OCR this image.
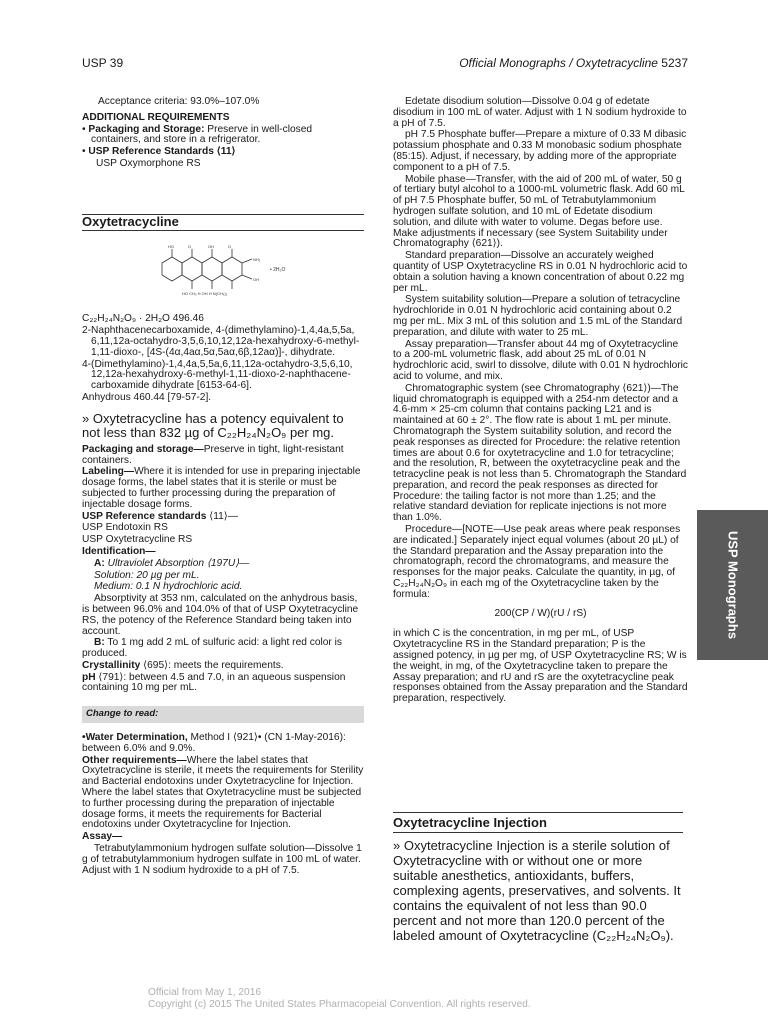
USP 39	Official Monographs / Oxytetracycline 5237

Acceptance criteria: 93.0%–107.0%

ADDITIONAL REQUIREMENTS

• Packaging and Storage: Preserve in well-closed containers, and store in a refrigerator.

• USP Reference Standards ⟨11⟩

USP Oxymorphone RS

Oxytetracycline
HO	O	OH	O
NH₂
OH
HO CH₃ H OH H N(CH₃)₂
• 2H₂O

C₂₂H₂₄N₂O₉ · 2H₂O 496.46

2-Naphthacenecarboxamide, 4-(dimethylamino)-1,4,4a,5,5a, 6,11,12a-octahydro-3,5,6,10,12,12a-hexahydroxy-6-methyl-1,11-dioxo-, [4S-(4α,4aα,5α,5aα,6β,12aα)]-, dihydrate.

4-(Dimethylamino)-1,4,4a,5,5a,6,11,12a-octahydro-3,5,6,10, 12,12a-hexahydroxy-6-methyl-1,11-dioxo-2-naphthacene-carboxamide dihydrate [6153-64-6].

Anhydrous 460.44 [79-57-2].

» Oxytetracycline has a potency equivalent to not less than 832 µg of C₂₂H₂₄N₂O₉ per mg.

Packaging and storage—Preserve in tight, light-resistant containers.

Labeling—Where it is intended for use in preparing injectable dosage forms, the label states that it is sterile or must be subjected to further processing during the preparation of injectable dosage forms.

USP Reference standards ⟨11⟩—

USP Endotoxin RS

USP Oxytetracycline RS

Identification—

A: Ultraviolet Absorption ⟨197U⟩—

Solution: 20 µg per mL.

Medium: 0.1 N hydrochloric acid.

Absorptivity at 353 nm, calculated on the anhydrous basis, is between 96.0% and 104.0% of that of USP Oxytetracycline RS, the potency of the Reference Standard being taken into account.

B: To 1 mg add 2 mL of sulfuric acid: a light red color is produced.

Crystallinity ⟨695⟩: meets the requirements.

pH ⟨791⟩: between 4.5 and 7.0, in an aqueous suspension containing 10 mg per mL.

Change to read:

•Water Determination, Method I ⟨921⟩• (CN 1-May-2016): between 6.0% and 9.0%.

Other requirements—Where the label states that Oxytetracycline is sterile, it meets the requirements for Sterility and Bacterial endotoxins under Oxytetracycline for Injection. Where the label states that Oxytetracycline must be subjected to further processing during the preparation of injectable dosage forms, it meets the requirements for Bacterial endotoxins under Oxytetracycline for Injection.

Assay—

Tetrabutylammonium hydrogen sulfate solution—Dissolve 1 g of tetrabutylammonium hydrogen sulfate in 100 mL of water. Adjust with 1 N sodium hydroxide to a pH of 7.5.

Edetate disodium solution—Dissolve 0.04 g of edetate disodium in 100 mL of water. Adjust with 1 N sodium hydroxide to a pH of 7.5.

pH 7.5 Phosphate buffer—Prepare a mixture of 0.33 M dibasic potassium phosphate and 0.33 M monobasic sodium phosphate (85:15). Adjust, if necessary, by adding more of the appropriate component to a pH of 7.5.

Mobile phase—Transfer, with the aid of 200 mL of water, 50 g of tertiary butyl alcohol to a 1000-mL volumetric flask. Add 60 mL of pH 7.5 Phosphate buffer, 50 mL of Tetrabutylammonium hydrogen sulfate solution, and 10 mL of Edetate disodium solution, and dilute with water to volume. Degas before use. Make adjustments if necessary (see System Suitability under Chromatography ⟨621⟩).

Standard preparation—Dissolve an accurately weighed quantity of USP Oxytetracycline RS in 0.01 N hydrochloric acid to obtain a solution having a known concentration of about 0.22 mg per mL.

System suitability solution—Prepare a solution of tetracycline hydrochloride in 0.01 N hydrochloric acid containing about 0.2 mg per mL. Mix 3 mL of this solution and 1.5 mL of the Standard preparation, and dilute with water to 25 mL.

Assay preparation—Transfer about 44 mg of Oxytetracycline to a 200-mL volumetric flask, add about 25 mL of 0.01 N hydrochloric acid, swirl to dissolve, dilute with 0.01 N hydrochloric acid to volume, and mix.

Chromatographic system (see Chromatography ⟨621⟩)—The liquid chromatograph is equipped with a 254-nm detector and a 4.6-mm × 25-cm column that contains packing L21 and is maintained at 60 ± 2°. The flow rate is about 1 mL per minute. Chromatograph the System suitability solution, and record the peak responses as directed for Procedure: the relative retention times are about 0.6 for oxytetracycline and 1.0 for tetracycline; and the resolution, R, between the oxytetracycline peak and the tetracycline peak is not less than 5. Chromatograph the Standard preparation, and record the peak responses as directed for Procedure: the tailing factor is not more than 1.25; and the relative standard deviation for replicate injections is not more than 1.0%.

Procedure—[NOTE—Use peak areas where peak responses are indicated.] Separately inject equal volumes (about 20 µL) of the Standard preparation and the Assay preparation into the chromatograph, record the chromatograms, and measure the responses for the major peaks. Calculate the quantity, in µg, of C₂₂H₂₄N₂O₉ in each mg of the Oxytetracycline taken by the formula:

200(CP / W)(rU / rS)

in which C is the concentration, in mg per mL, of USP Oxytetracycline RS in the Standard preparation; P is the assigned potency, in µg per mg, of USP Oxytetracycline RS; W is the weight, in mg, of the Oxytetracycline taken to prepare the Assay preparation; and rU and rS are the oxytetracycline peak responses obtained from the Assay preparation and the Standard preparation, respectively.

Oxytetracycline Injection
» Oxytetracycline Injection is a sterile solution of Oxytetracycline with or without one or more suitable anesthetics, antioxidants, buffers, complexing agents, preservatives, and solvents. It contains the equivalent of not less than 90.0 percent and not more than 120.0 percent of the labeled amount of Oxytetracycline (C₂₂H₂₄N₂O₉).
USP Monographs
Official from May 1, 2016
Copyright (c) 2015 The United States Pharmacopeial Convention. All rights reserved.
